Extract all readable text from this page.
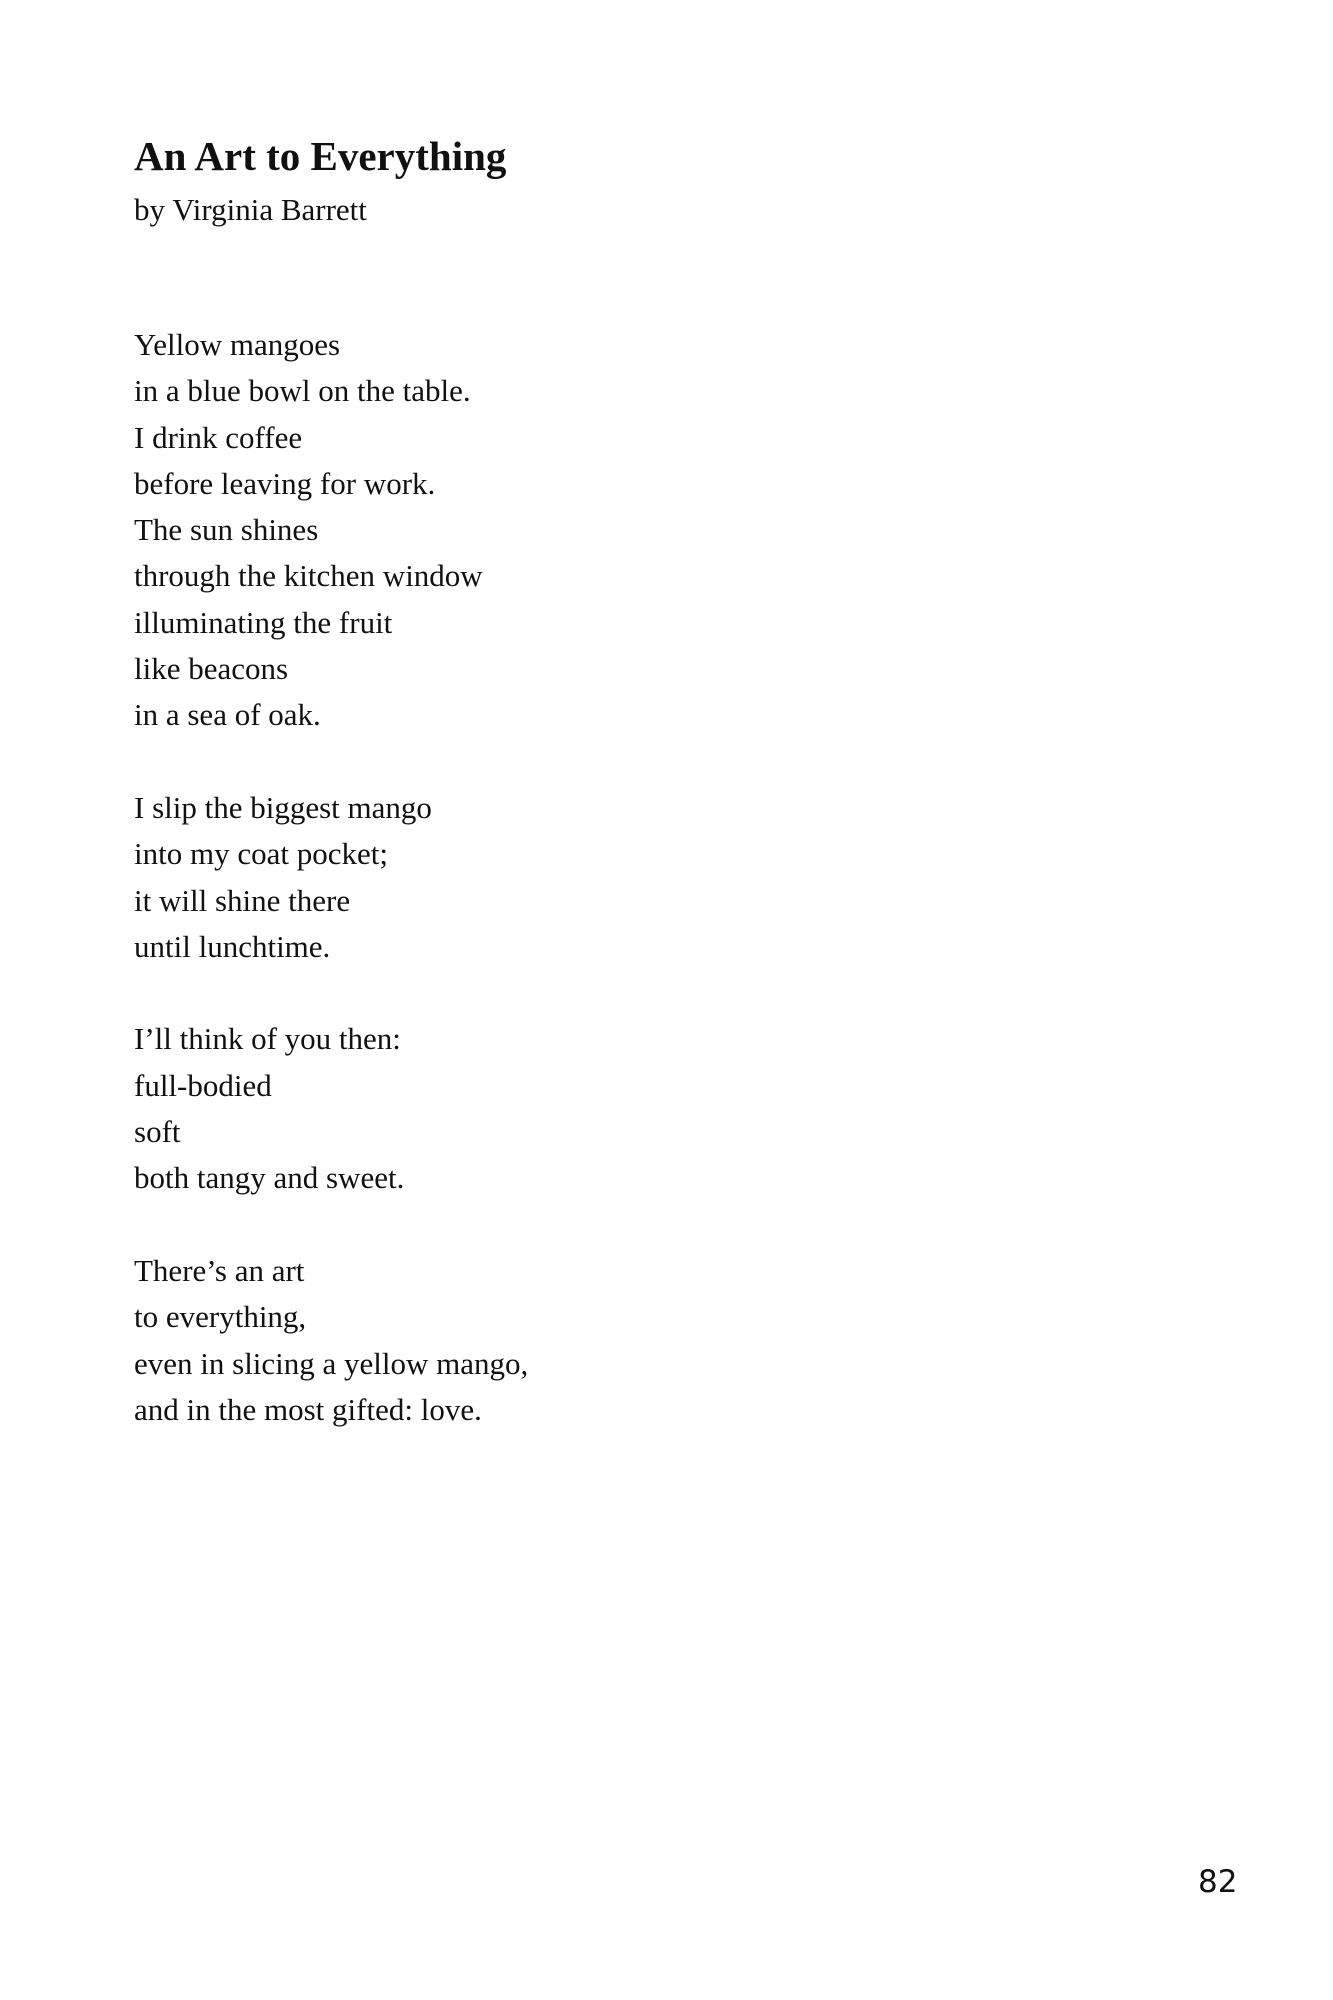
An Art to Everything

by Virginia Barrett

Yellow mangoes
in a blue bowl on the table.
I drink coffee
before leaving for work.
The sun shines
through the kitchen window
illuminating the fruit
like beacons
in a sea of oak.
I slip the biggest mango
into my coat pocket;
it will shine there
until lunchtime.
I’ll think of you then:
full-bodied
soft
both tangy and sweet.
There’s an art
to everything,
even in slicing a yellow mango,
and in the most gifted: love.

82
